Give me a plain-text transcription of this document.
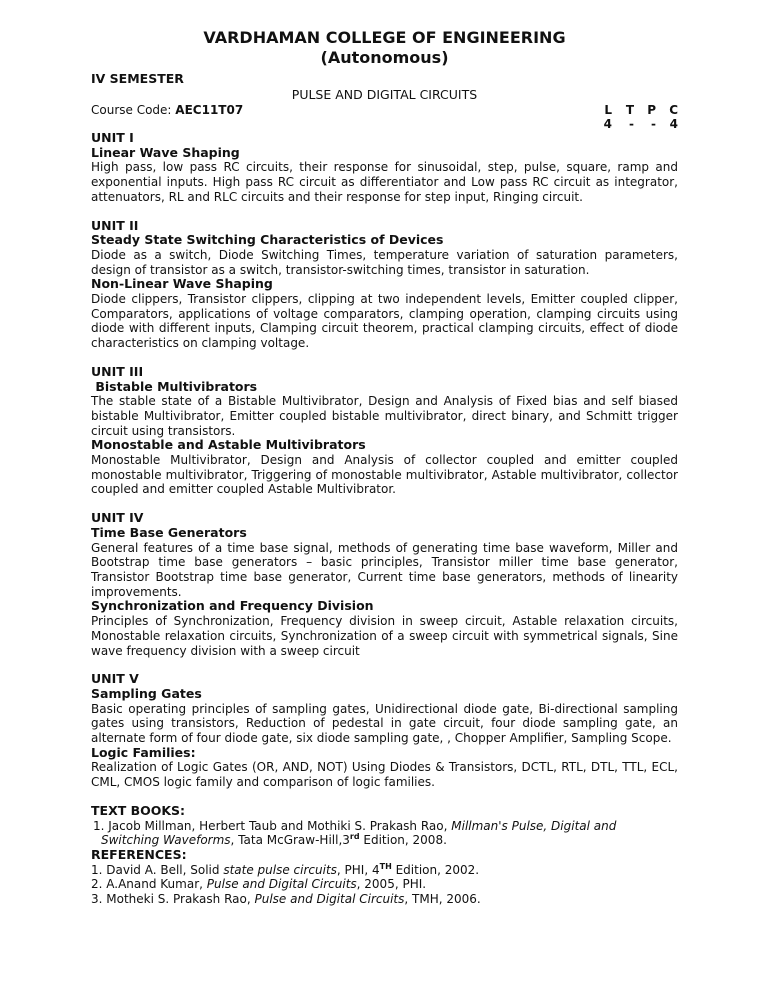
VARDHAMAN COLLEGE OF ENGINEERING
(Autonomous)
IV SEMESTER
PULSE AND DIGITAL CIRCUITS
Course Code: AEC11T07	L T P C
4 - - 4
UNIT I
Linear Wave Shaping
High pass, low pass RC circuits, their response for sinusoidal, step, pulse, square, ramp and exponential inputs. High pass RC circuit as differentiator and Low pass RC circuit as integrator, attenuators, RL and RLC circuits and their response for step input, Ringing circuit.
UNIT II
Steady State Switching Characteristics of Devices
Diode as a switch, Diode Switching Times, temperature variation of saturation parameters, design of transistor as a switch, transistor-switching times, transistor in saturation.
Non-Linear Wave Shaping
Diode clippers, Transistor clippers, clipping at two independent levels, Emitter coupled clipper, Comparators, applications of voltage comparators, clamping operation, clamping circuits using diode with different inputs, Clamping circuit theorem, practical clamping circuits, effect of diode characteristics on clamping voltage.
UNIT III
Bistable Multivibrators
The stable state of a Bistable Multivibrator, Design and Analysis of Fixed bias and self biased bistable Multivibrator, Emitter coupled bistable multivibrator, direct binary, and Schmitt trigger circuit using transistors.
Monostable and Astable Multivibrators
Monostable Multivibrator, Design and Analysis of collector coupled and emitter coupled monostable multivibrator, Triggering of monostable multivibrator, Astable multivibrator, collector coupled and emitter coupled Astable Multivibrator.
UNIT IV
Time Base Generators
General features of a time base signal, methods of generating time base waveform, Miller and Bootstrap time base generators – basic principles, Transistor miller time base generator, Transistor Bootstrap time base generator, Current time base generators, methods of linearity improvements.
Synchronization and Frequency Division
Principles of Synchronization, Frequency division in sweep circuit, Astable relaxation circuits, Monostable relaxation circuits, Synchronization of a sweep circuit with symmetrical signals, Sine wave frequency division with a sweep circuit
UNIT V
Sampling Gates
Basic operating principles of sampling gates, Unidirectional diode gate, Bi-directional sampling gates using transistors, Reduction of pedestal in gate circuit, four diode sampling gate, an alternate form of four diode gate, six diode sampling gate, , Chopper Amplifier, Sampling Scope.
Logic Families:
Realization of Logic Gates (OR, AND, NOT) Using Diodes & Transistors, DCTL, RTL, DTL, TTL, ECL, CML, CMOS logic family and comparison of logic families.
TEXT BOOKS:
1. Jacob Millman, Herbert Taub and Mothiki S. Prakash Rao, Millman's Pulse, Digital and
Switching Waveforms, Tata McGraw-Hill,3rd Edition, 2008.
REFERENCES:
1. David A. Bell, Solid state pulse circuits, PHI, 4TH Edition, 2002.
2. A.Anand Kumar, Pulse and Digital Circuits, 2005, PHI.
3. Motheki S. Prakash Rao, Pulse and Digital Circuits, TMH, 2006.
